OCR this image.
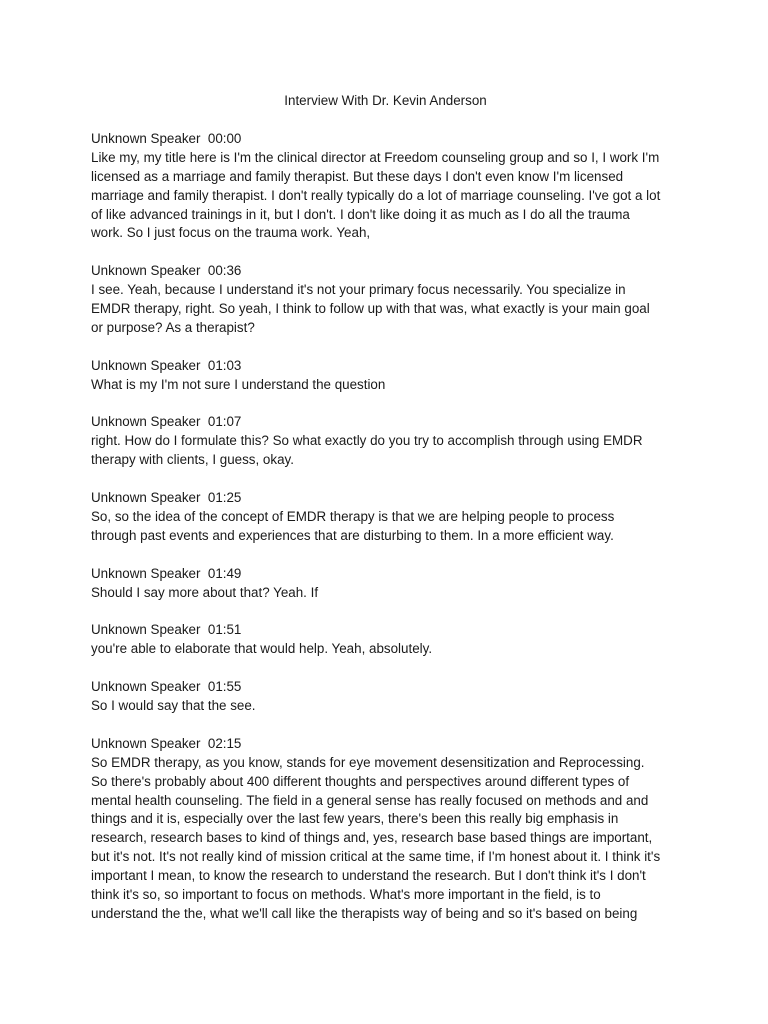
Interview With Dr. Kevin Anderson
Unknown Speaker 00:00
Like my, my title here is I'm the clinical director at Freedom counseling group and so I, I work I'm
licensed as a marriage and family therapist. But these days I don't even know I'm licensed
marriage and family therapist. I don't really typically do a lot of marriage counseling. I've got a lot
of like advanced trainings in it, but I don't. I don't like doing it as much as I do all the trauma
work. So I just focus on the trauma work. Yeah,
Unknown Speaker 00:36
I see. Yeah, because I understand it's not your primary focus necessarily. You specialize in
EMDR therapy, right. So yeah, I think to follow up with that was, what exactly is your main goal
or purpose? As a therapist?
Unknown Speaker 01:03
What is my I'm not sure I understand the question
Unknown Speaker 01:07
right. How do I formulate this? So what exactly do you try to accomplish through using EMDR
therapy with clients, I guess, okay.
Unknown Speaker 01:25
So, so the idea of the concept of EMDR therapy is that we are helping people to process
through past events and experiences that are disturbing to them. In a more efficient way.
Unknown Speaker 01:49
Should I say more about that? Yeah. If
Unknown Speaker 01:51
you're able to elaborate that would help. Yeah, absolutely.
Unknown Speaker 01:55
So I would say that the see.
Unknown Speaker 02:15
So EMDR therapy, as you know, stands for eye movement desensitization and Reprocessing.
So there's probably about 400 different thoughts and perspectives around different types of
mental health counseling. The field in a general sense has really focused on methods and and
things and it is, especially over the last few years, there's been this really big emphasis in
research, research bases to kind of things and, yes, research base based things are important,
but it's not. It's not really kind of mission critical at the same time, if I'm honest about it. I think it's
important I mean, to know the research to understand the research. But I don't think it's I don't
think it's so, so important to focus on methods. What's more important in the field, is to
understand the the, what we'll call like the therapists way of being and so it's based on being
